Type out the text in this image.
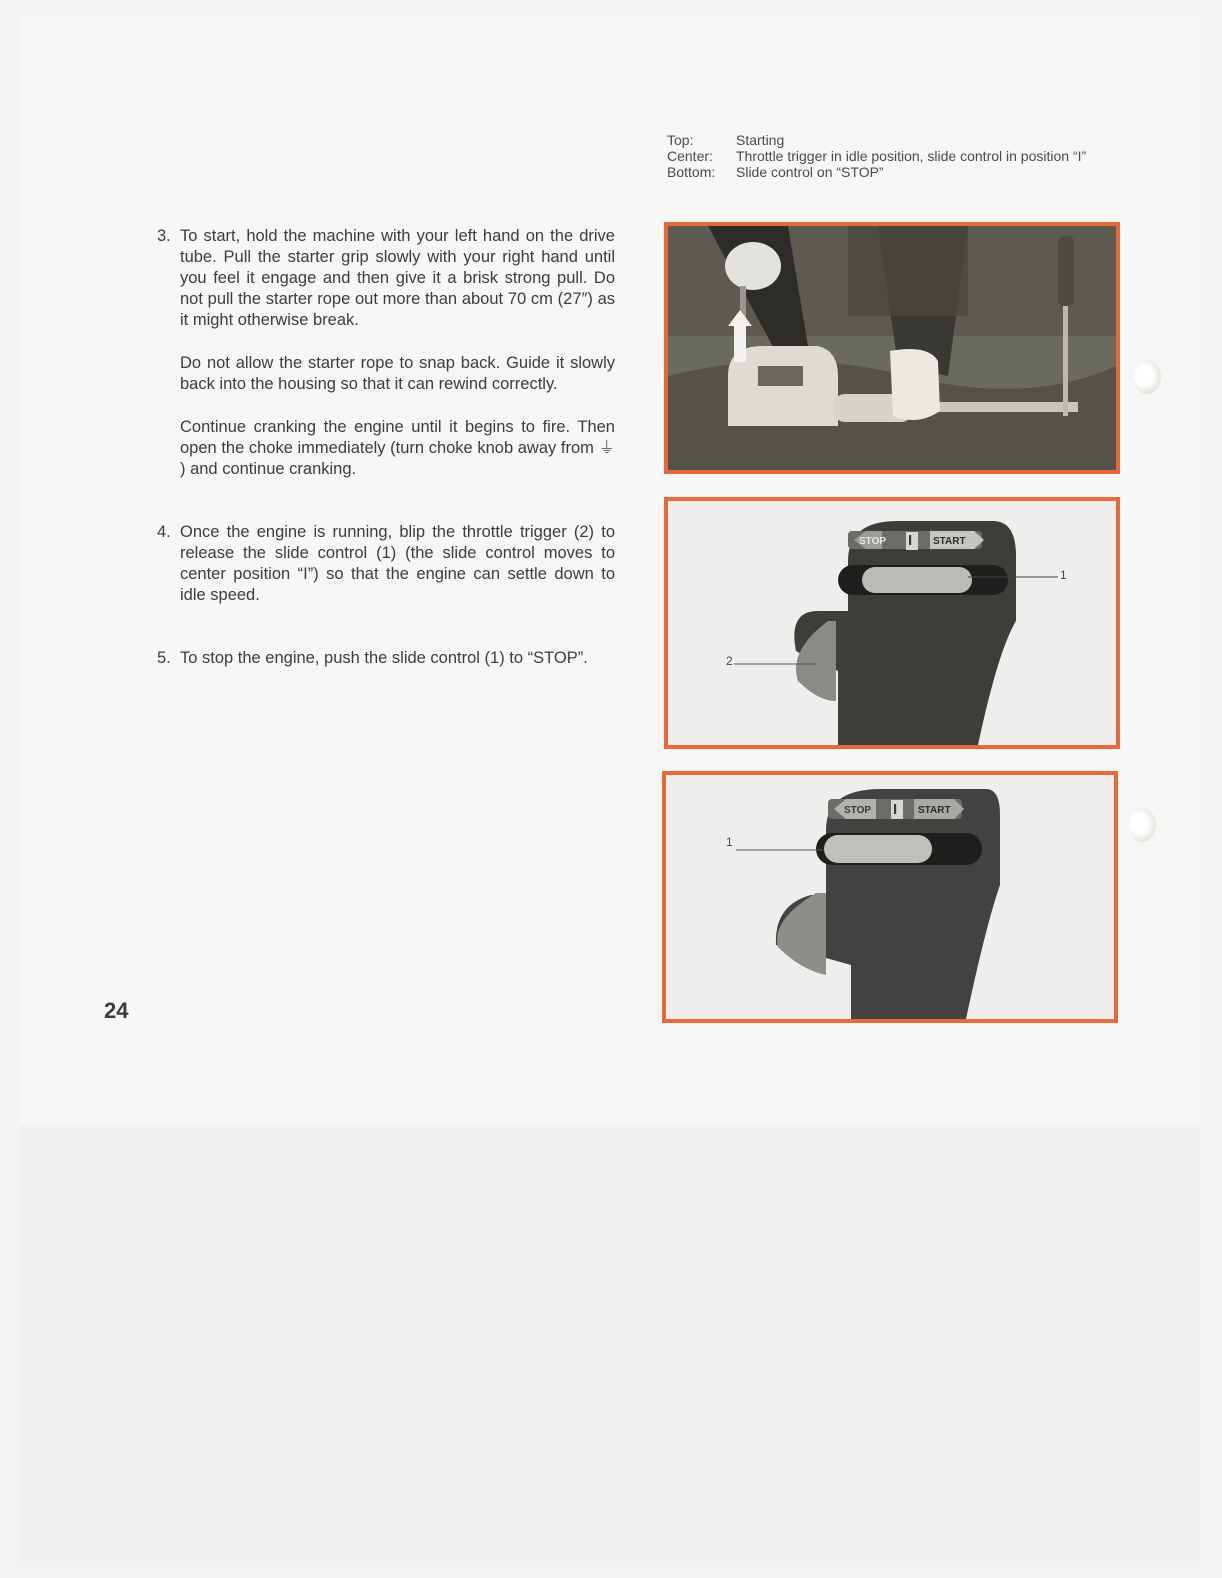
Top:	Starting
Center:	Throttle trigger in idle position, slide control in position “I”
Bottom:	Slide control on “STOP”
3. To start, hold the machine with your left hand on the drive tube. Pull the starter grip slowly with your right hand until you feel it engage and then give it a brisk strong pull. Do not pull the starter rope out more than about 70 cm (27″) as it might otherwise break.

Do not allow the starter rope to snap back. Guide it slowly back into the housing so that it can rewind correctly.

Continue cranking the engine until it begins to fire. Then open the choke immediately (turn choke knob away from ⏚ ) and continue cranking.

4. Once the engine is running, blip the throttle trigger (2) to release the slide control (1) (the slide control moves to center position “I”) so that the engine can settle down to idle speed.

5. To stop the engine, push the slide control (1) to “STOP”.

24
STOP I START
1
2
STOP I START
1
